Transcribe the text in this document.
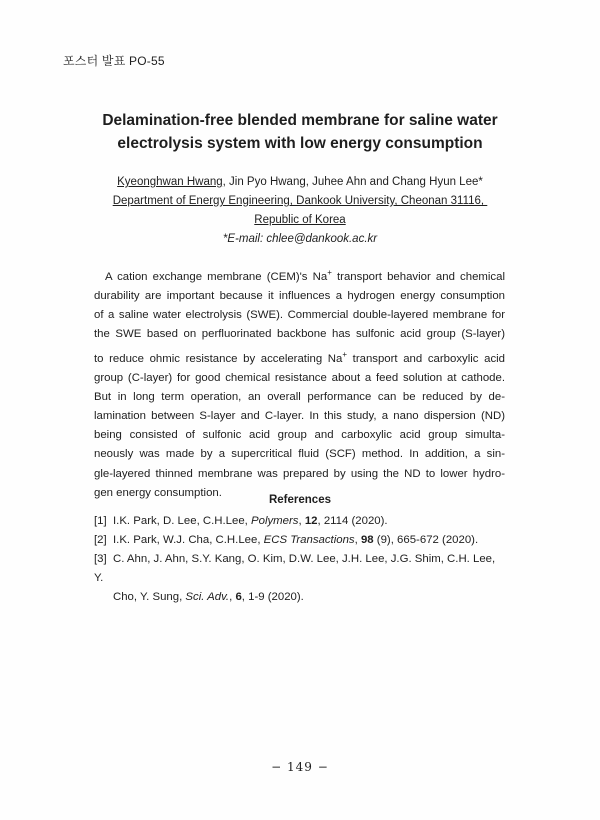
포스터 발표 PO-55
Delamination-free blended membrane for saline water
electrolysis system with low energy consumption
Kyeonghwan Hwang, Jin Pyo Hwang, Juhee Ahn and Chang Hyun Lee*
Department of Energy Engineering, Dankook University, Cheonan 31116,
Republic of Korea
*E-mail: chlee@dankook.ac.kr
A cation exchange membrane (CEM)'s Na+ transport behavior and chemical
durability are important because it influences a hydrogen energy consumption
of a saline water electrolysis (SWE). Commercial double-layered membrane for
the SWE based on perfluorinated backbone has sulfonic acid group (S-layer)
to reduce ohmic resistance by accelerating Na+ transport and carboxylic acid
group (C-layer) for good chemical resistance about a feed solution at cathode.
But in long term operation, an overall performance can be reduced by de-
lamination between S-layer and C-layer. In this study, a nano dispersion (ND)
being consisted of sulfonic acid group and carboxylic acid group simulta-
neously was made by a supercritical fluid (SCF) method. In addition, a sin-
gle-layered thinned membrane was prepared by using the ND to lower hydro-
gen energy consumption.
References
[1] I.K. Park, D. Lee, C.H.Lee, Polymers, 12, 2114 (2020).
[2] I.K. Park, W.J. Cha, C.H.Lee, ECS Transactions, 98 (9), 665-672 (2020).
[3] C. Ahn, J. Ahn, S.Y. Kang, O. Kim, D.W. Lee, J.H. Lee, J.G. Shim, C.H. Lee, Y.
Cho, Y. Sung, Sci. Adv., 6, 1-9 (2020).
− 149 −
